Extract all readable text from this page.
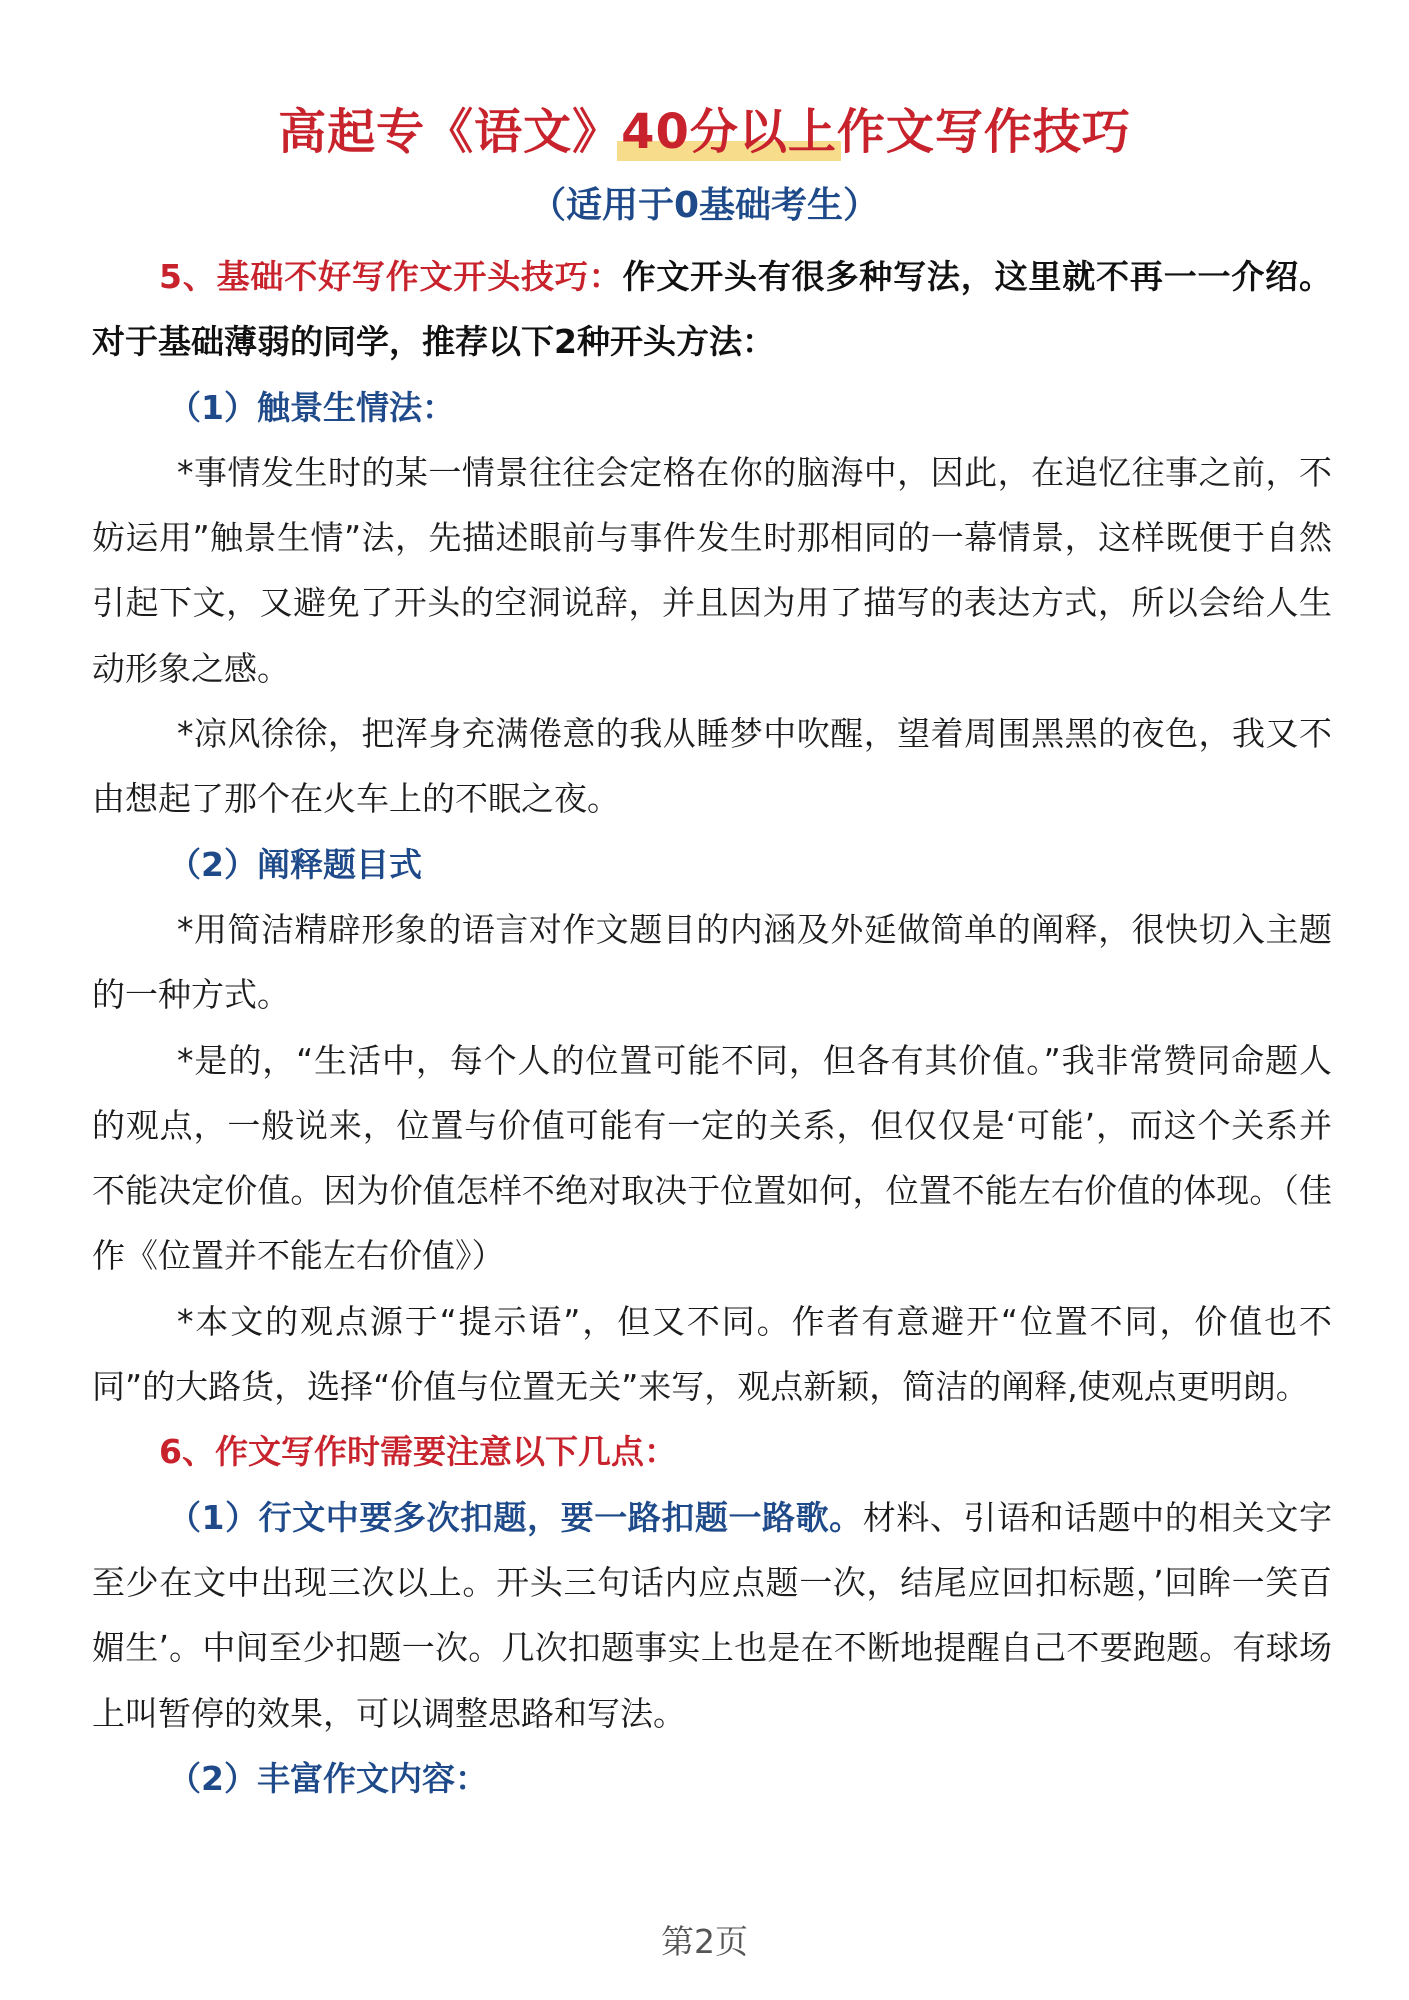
高起专《语文》40分以上作文写作技巧
（适用于0基础考生）

5、基础不好写作文开头技巧：作文开头有很多种写法，这里就不再一一介绍。对于基础薄弱的同学，推荐以下2种开头方法：

（1）触景生情法：

*事情发生时的某一情景往往会定格在你的脑海中，因此，在追忆往事之前，不妨运用”触景生情”法，先描述眼前与事件发生时那相同的一幕情景，这样既便于自然引起下文，又避免了开头的空洞说辞，并且因为用了描写的表达方式，所以会给人生动形象之感。

*凉风徐徐，把浑身充满倦意的我从睡梦中吹醒，望着周围黑黑的夜色，我又不由想起了那个在火车上的不眠之夜。

（2）阐释题目式

*用简洁精辟形象的语言对作文题目的内涵及外延做简单的阐释，很快切入主题的一种方式。

*是的，“生活中，每个人的位置可能不同，但各有其价值。”我非常赞同命题人的观点，一般说来，位置与价值可能有一定的关系，但仅仅是‘可能’，而这个关系并不能决定价值。因为价值怎样不绝对取决于位置如何，位置不能左右价值的体现。（佳作《位置并不能左右价值》）

*本文的观点源于“提示语”，但又不同。作者有意避开“位置不同，价值也不同”的大路货，选择“价值与位置无关”来写，观点新颖，简洁的阐释,使观点更明朗。

6、作文写作时需要注意以下几点：

（1）行文中要多次扣题，要一路扣题一路歌。材料、引语和话题中的相关文字至少在文中出现三次以上。开头三句话内应点题一次，结尾应回扣标题，’回眸一笑百媚生’。中间至少扣题一次。几次扣题事实上也是在不断地提醒自己不要跑题。有球场上叫暂停的效果，可以调整思路和写法。

（2）丰富作文内容：

第2页
